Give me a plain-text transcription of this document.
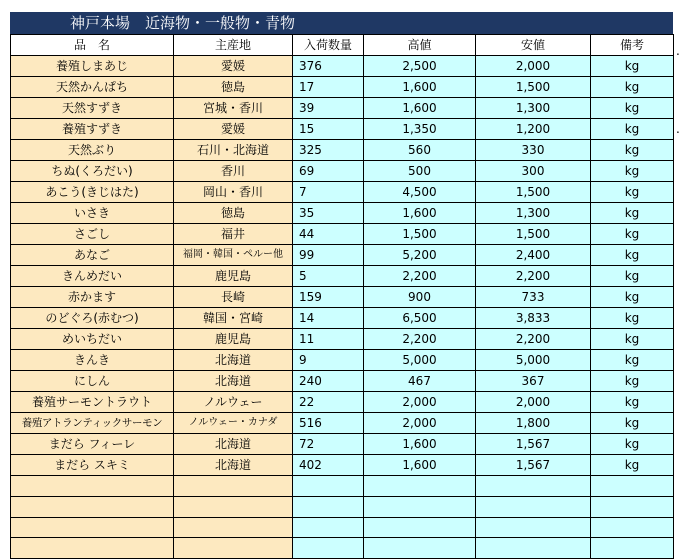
神戸本場　近海物・一般物・青物
品　名	主産地	入荷数量	高値	安値	備考
養殖しまあじ	愛媛	376	2,500	2,000	kg
天然かんぱち	徳島	17	1,600	1,500	kg
天然すずき	宮城・香川	39	1,600	1,300	kg
養殖すずき	愛媛	15	1,350	1,200	kg
天然ぶり	石川・北海道	325	560	330	kg
ちぬ(くろだい)	香川	69	500	300	kg
あこう(きじはた)	岡山・香川	7	4,500	1,500	kg
いさき	徳島	35	1,600	1,300	kg
さごし	福井	44	1,500	1,500	kg
あなご	福岡・韓国・ペルー他	99	5,200	2,400	kg
きんめだい	鹿児島	5	2,200	2,200	kg
赤かます	長崎	159	900	733	kg
のどぐろ(赤むつ)	韓国・宮崎	14	6,500	3,833	kg
めいちだい	鹿児島	11	2,200	2,200	kg
きんき	北海道	9	5,000	5,000	kg
にしん	北海道	240	467	367	kg
養殖サーモントラウト	ノルウェー	22	2,000	2,000	kg
養殖アトランティックサーモン	ノルウェー・カナダ	516	2,000	1,800	kg
まだら フィーレ	北海道	72	1,600	1,567	kg
まだら スキミ	北海道	402	1,600	1,567	kg

.
.
